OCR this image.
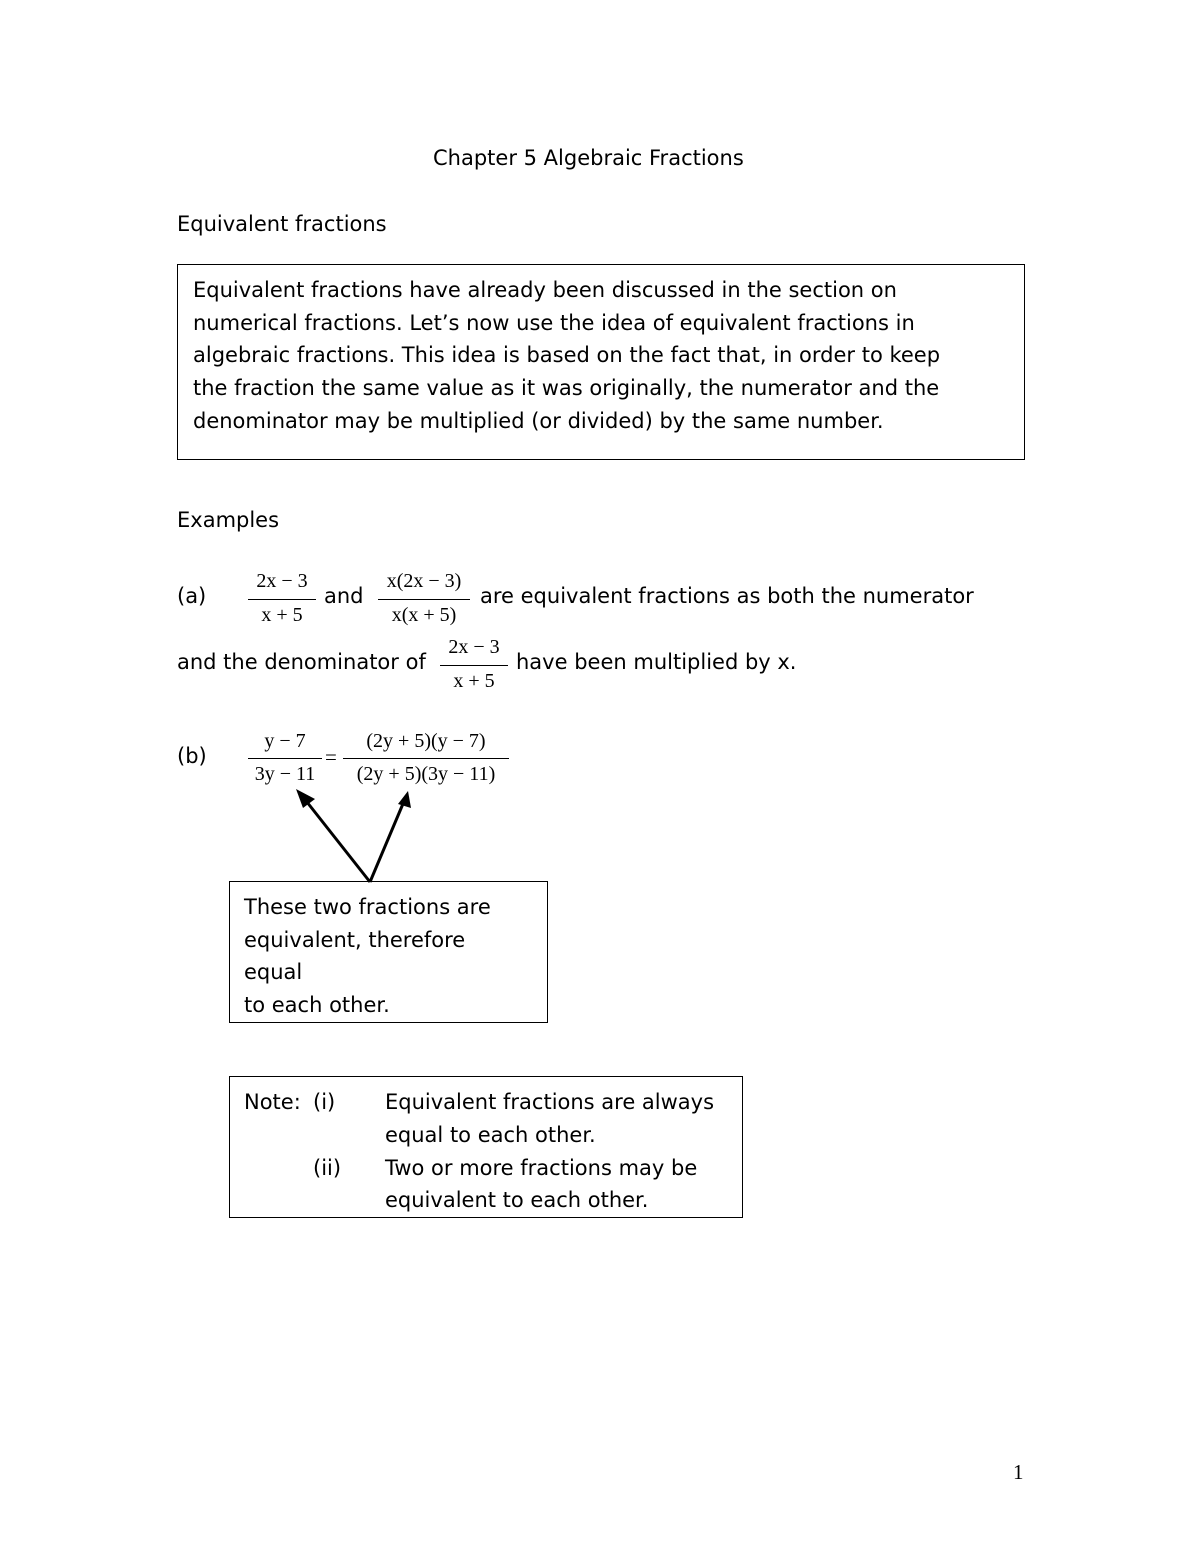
Chapter 5 Algebraic Fractions
Equivalent fractions
Equivalent fractions have already been discussed in the section on
numerical fractions. Let’s now use the idea of equivalent fractions in
algebraic fractions. This idea is based on the fact that, in order to keep
the fraction the same value as it was originally, the numerator and the
denominator may be multiplied (or divided) by the same number.
Examples
(a)
2x − 3
x + 5
and
x(2x − 3)
x(x + 5)
are equivalent fractions as both the numerator
and the denominator of
2x − 3
x + 5
have been multiplied by x.
(b)
y − 7
3y − 11
=
(2y + 5)(y − 7)
(2y + 5)(3y − 11)
These two fractions are
equivalent, therefore
equal
to each other.
Note: (i) Equivalent fractions are always
equal to each other.
(ii) Two or more fractions may be
equivalent to each other.
1
